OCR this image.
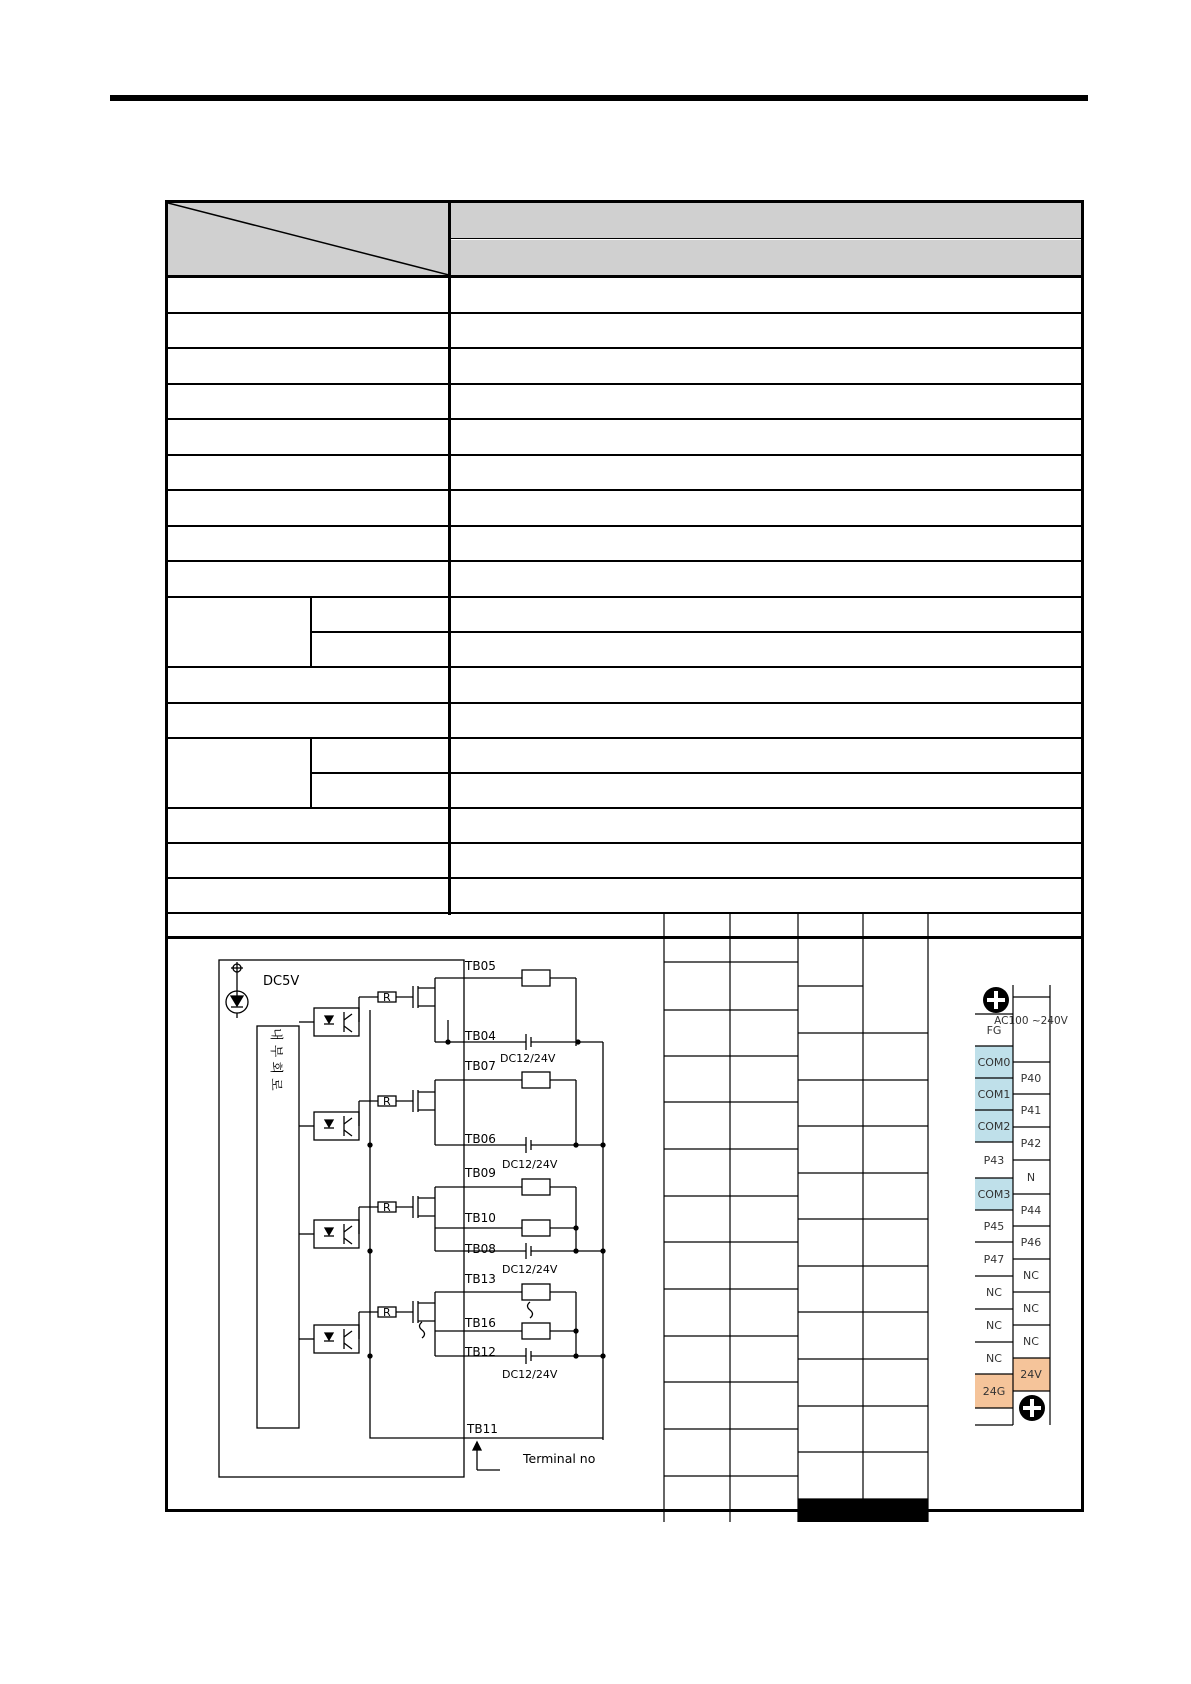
DC5V
내 부 회 로
R
R
R
R
TB05
TB04
TB07
TB06
TB09
TB10
TB08
TB13
TB16
TB12
TB11
DC12/24V
DC12/24V
DC12/24V
DC12/24V
Terminal no
FG
COM0
COM1
COM2
P43
COM3
P45
P47
NC
NC
NC
24G
AC100 ~240V
P40
P41
P42
N
P44
P46
NC
NC
NC
24V
